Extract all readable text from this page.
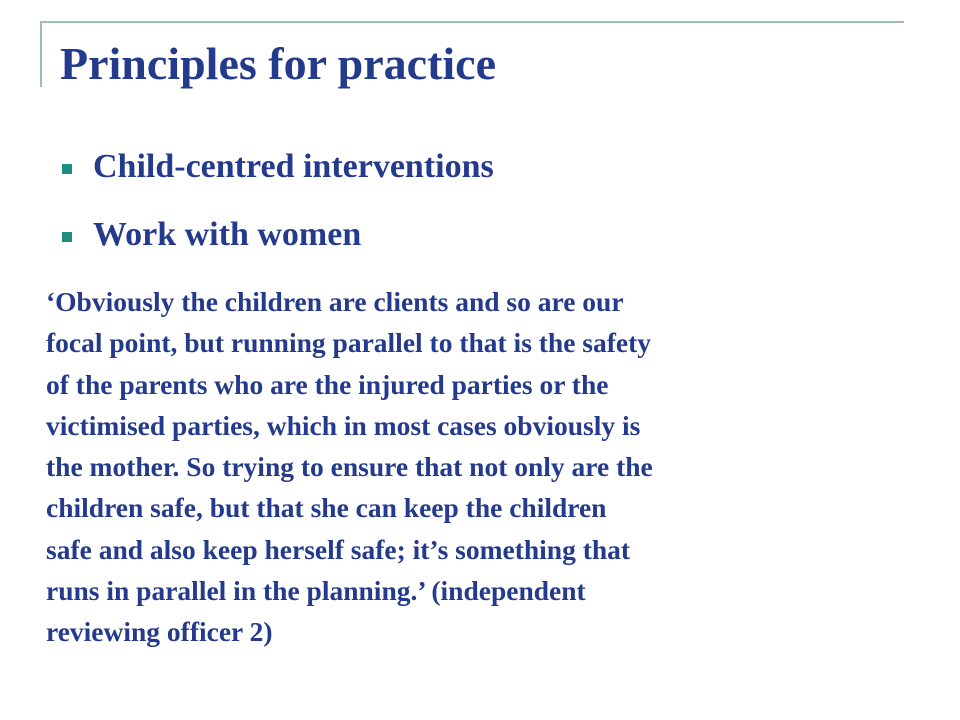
Principles for practice
Child-centred interventions
Work with women
‘Obviously the children are clients and so are our
focal point, but running parallel to that is the safety
of the parents who are the injured parties or the
victimised parties, which in most cases obviously is
the mother. So trying to ensure that not only are the
children safe, but that she can keep the children
safe and also keep herself safe; it’s something that
runs in parallel in the planning.’ (independent
reviewing officer 2)
